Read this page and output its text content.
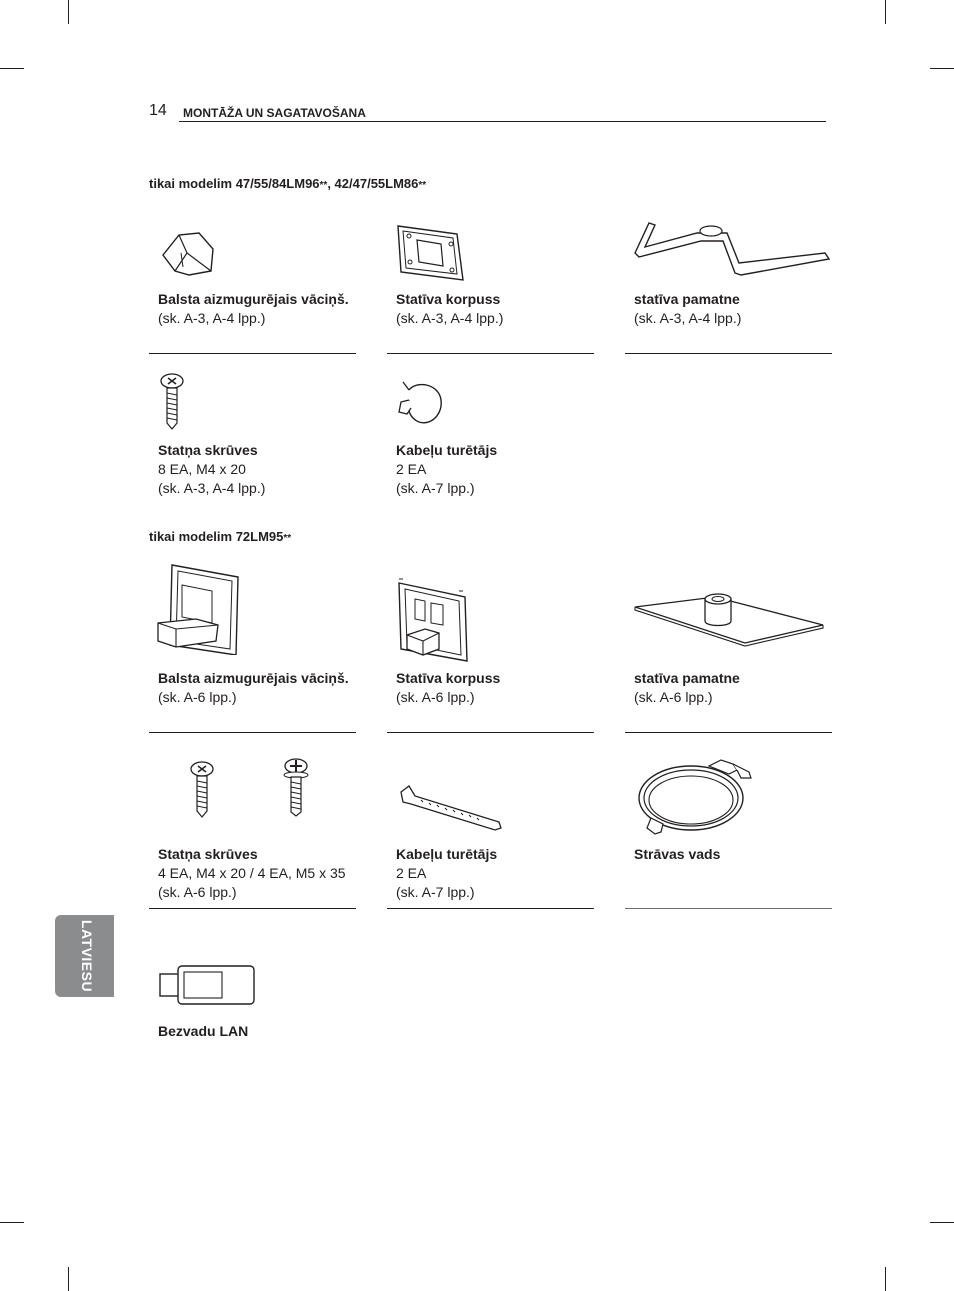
14 MONTĀŽA UN SAGATAVOŠANA
tikai modelim 47/55/84LM96**, 42/47/55LM86**
Balsta aizmugurējais vāciņš.
(sk. A-3, A-4 lpp.)
Statīva korpuss
(sk. A-3, A-4 lpp.)
statīva pamatne
(sk. A-3, A-4 lpp.)
Statņa skrūves
8 EA, M4 x 20
(sk. A-3, A-4 lpp.)
Kabeļu turētājs
2 EA
(sk. A-7 lpp.)
tikai modelim 72LM95**
Balsta aizmugurējais vāciņš.
(sk. A-6 lpp.)
Statīva korpuss
(sk. A-6 lpp.)
statīva pamatne
(sk. A-6 lpp.)
Statņa skrūves
4 EA, M4 x 20 / 4 EA, M5 x 35
(sk. A-6 lpp.)
Kabeļu turētājs
2 EA
(sk. A-7 lpp.)
Strāvas vads
Bezvadu LAN
LATVIESU
